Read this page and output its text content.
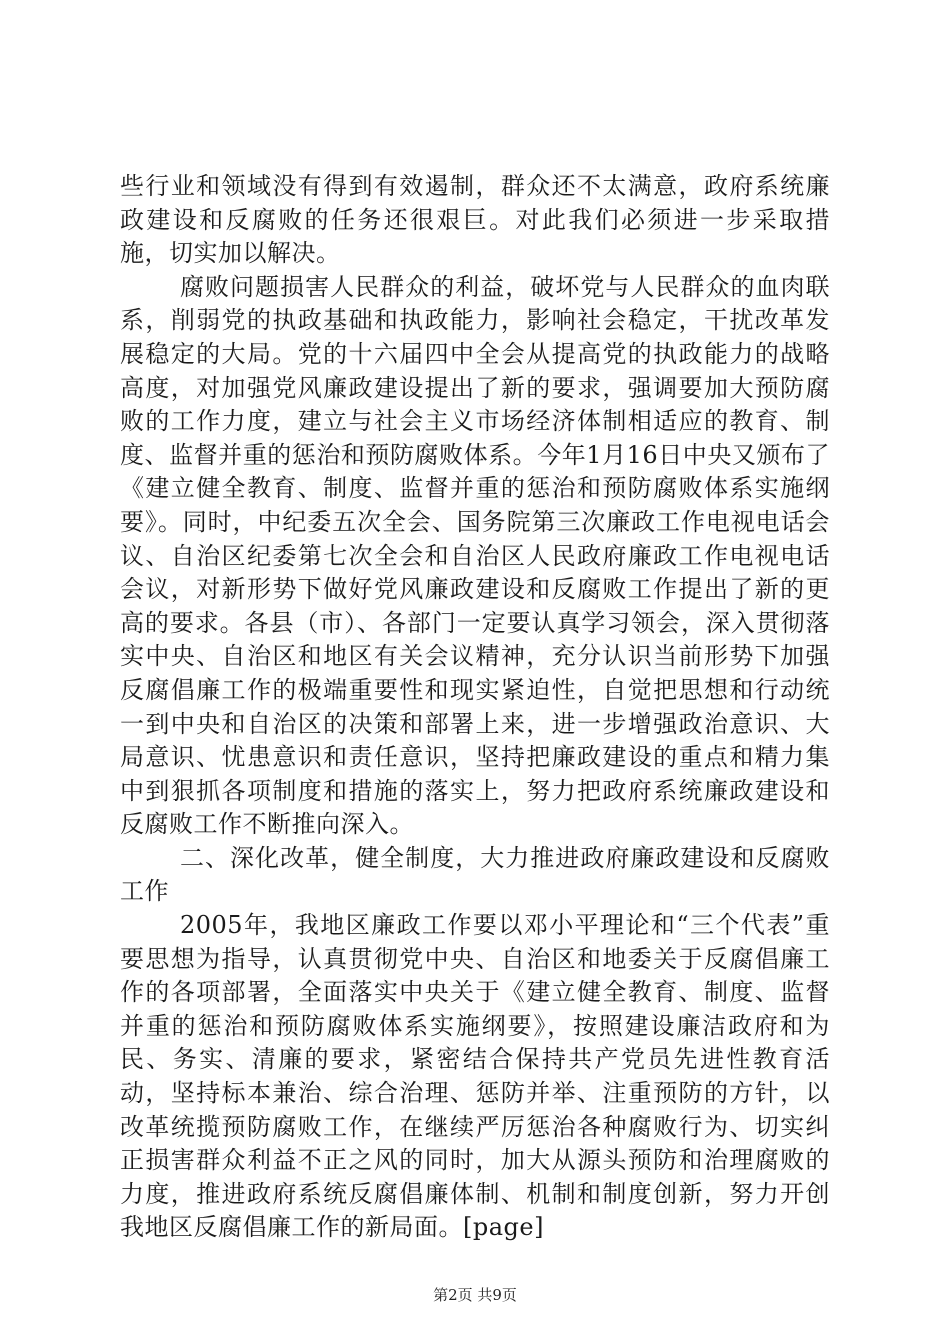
些行业和领域没有得到有效遏制，群众还不太满意，政府系统廉政建设和反腐败的任务还很艰巨。对此我们必须进一步采取措施，切实加以解决。

腐败问题损害人民群众的利益，破坏党与人民群众的血肉联系，削弱党的执政基础和执政能力，影响社会稳定，干扰改革发展稳定的大局。党的十六届四中全会从提高党的执政能力的战略高度，对加强党风廉政建设提出了新的要求，强调要加大预防腐败的工作力度，建立与社会主义市场经济体制相适应的教育、制度、监督并重的惩治和预防腐败体系。今年1月16日中央又颁布了《建立健全教育、制度、监督并重的惩治和预防腐败体系实施纲要》。同时，中纪委五次全会、国务院第三次廉政工作电视电话会议、自治区纪委第七次全会和自治区人民政府廉政工作电视电话会议，对新形势下做好党风廉政建设和反腐败工作提出了新的更高的要求。各县（市）、各部门一定要认真学习领会，深入贯彻落实中央、自治区和地区有关会议精神，充分认识当前形势下加强反腐倡廉工作的极端重要性和现实紧迫性，自觉把思想和行动统一到中央和自治区的决策和部署上来，进一步增强政治意识、大局意识、忧患意识和责任意识，坚持把廉政建设的重点和精力集中到狠抓各项制度和措施的落实上，努力把政府系统廉政建设和反腐败工作不断推向深入。

二、深化改革，健全制度，大力推进政府廉政建设和反腐败工作

2005年，我地区廉政工作要以邓小平理论和“三个代表”重要思想为指导，认真贯彻党中央、自治区和地委关于反腐倡廉工作的各项部署，全面落实中央关于《建立健全教育、制度、监督并重的惩治和预防腐败体系实施纲要》，按照建设廉洁政府和为民、务实、清廉的要求，紧密结合保持共产党员先进性教育活动，坚持标本兼治、综合治理、惩防并举、注重预防的方针，以改革统揽预防腐败工作，在继续严厉惩治各种腐败行为、切实纠正损害群众利益不正之风的同时，加大从源头预防和治理腐败的力度，推进政府系统反腐倡廉体制、机制和制度创新，努力开创我地区反腐倡廉工作的新局面。[page]

第2页 共9页
